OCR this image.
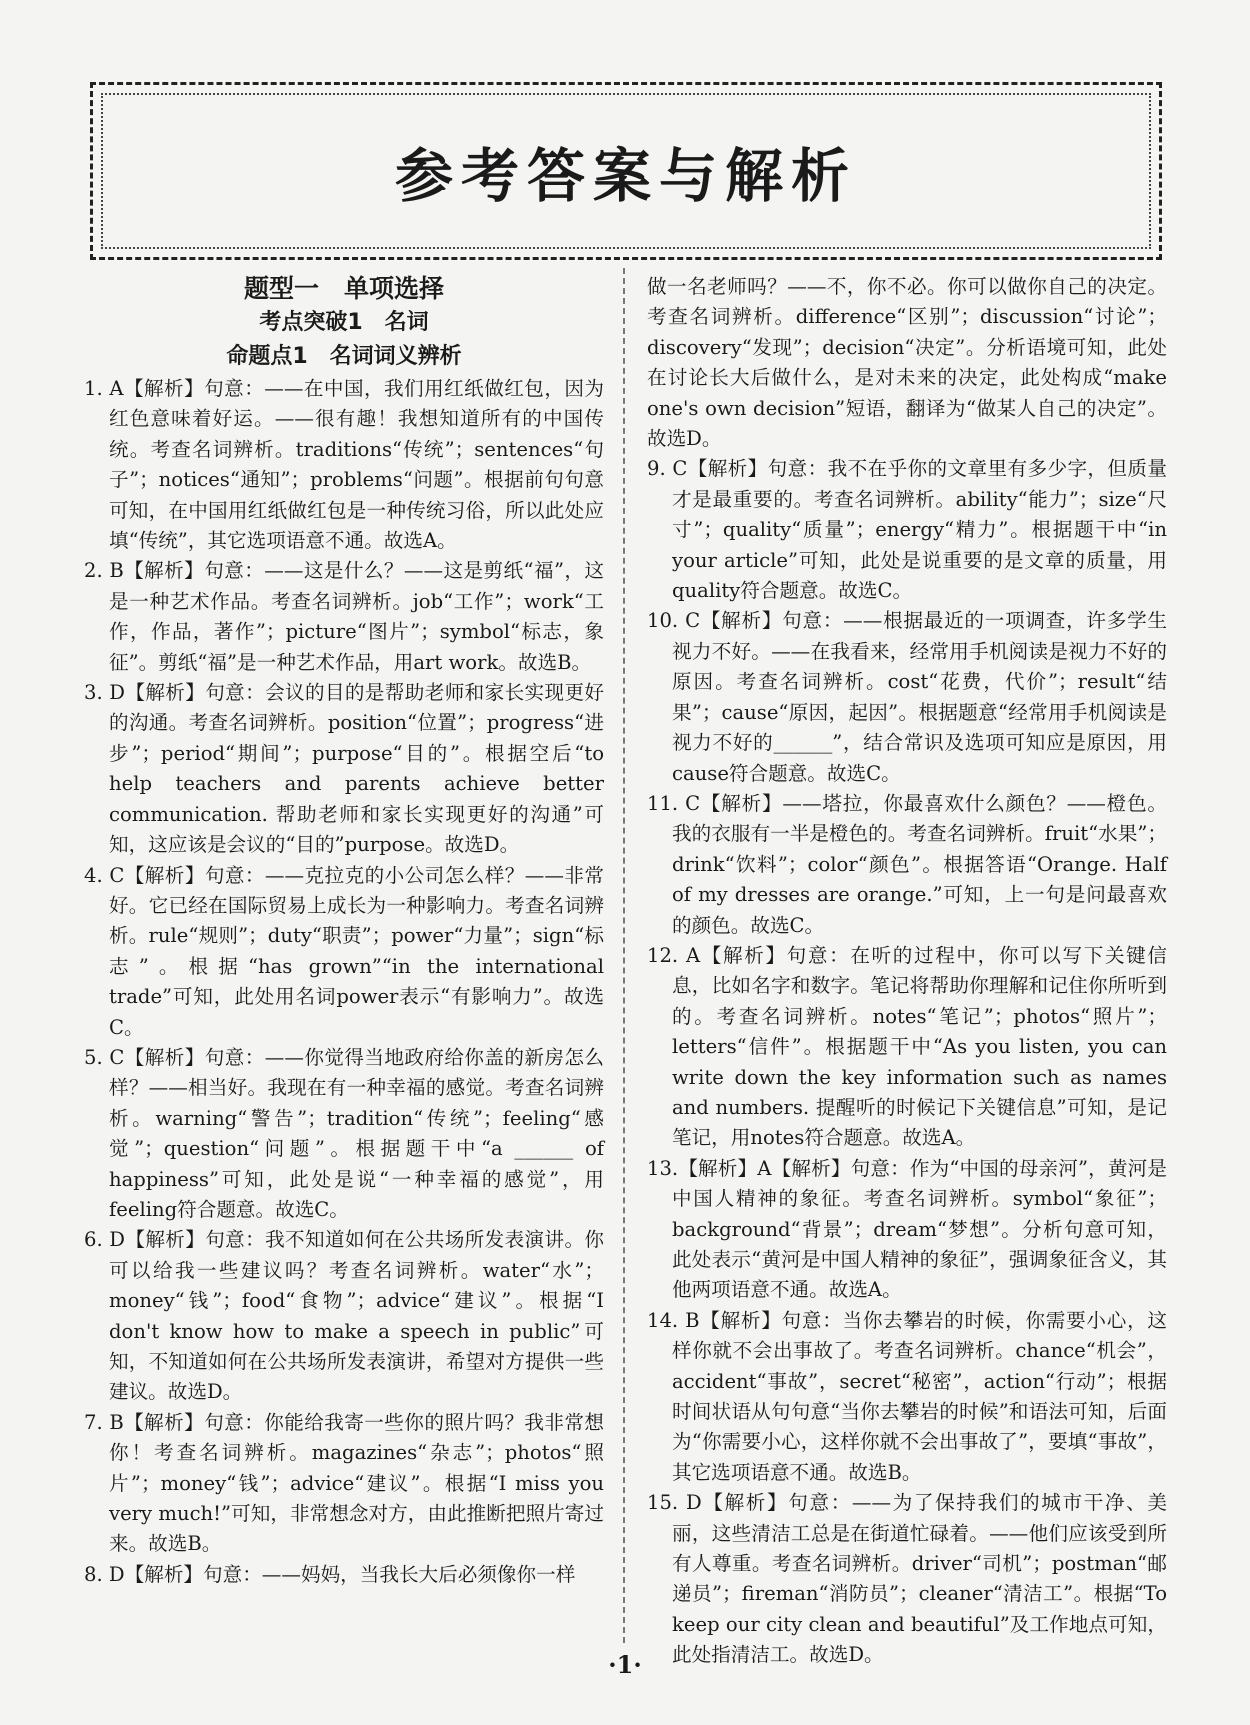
参考答案与解析
题型一　单项选择
考点突破1　名词
命题点1　名词词义辨析

1. A【解析】句意：——在中国，我们用红纸做红包，因为红色意味着好运。——很有趣！我想知道所有的中国传统。考查名词辨析。traditions“传统”；sentences“句子”；notices“通知”；problems“问题”。根据前句句意可知，在中国用红纸做红包是一种传统习俗，所以此处应填“传统”，其它选项语意不通。故选A。

2. B【解析】句意：——这是什么？——这是剪纸“福”，这是一种艺术作品。考查名词辨析。job“工作”；work“工作，作品，著作”；picture“图片”；symbol“标志，象征”。剪纸“福”是一种艺术作品，用art work。故选B。

3. D【解析】句意：会议的目的是帮助老师和家长实现更好的沟通。考查名词辨析。position“位置”；progress“进步”；period“期间”；purpose“目的”。根据空后“to help teachers and parents achieve better communication. 帮助老师和家长实现更好的沟通”可知，这应该是会议的“目的”purpose。故选D。

4. C【解析】句意：——克拉克的小公司怎么样？——非常好。它已经在国际贸易上成长为一种影响力。考查名词辨析。rule“规则”；duty“职责”；power“力量”；sign“标志”。根据“has grown”“in the international trade”可知，此处用名词power表示“有影响力”。故选C。

5. C【解析】句意：——你觉得当地政府给你盖的新房怎么样？——相当好。我现在有一种幸福的感觉。考查名词辨析。warning“警告”；tradition“传统”；feeling“感觉”；question“问题”。根据题干中“a ______ of happiness”可知，此处是说“一种幸福的感觉”，用feeling符合题意。故选C。

6. D【解析】句意：我不知道如何在公共场所发表演讲。你可以给我一些建议吗？考查名词辨析。water“水”；money“钱”；food“食物”；advice“建议”。根据“I don't know how to make a speech in public”可知，不知道如何在公共场所发表演讲，希望对方提供一些建议。故选D。

7. B【解析】句意：你能给我寄一些你的照片吗？我非常想你！考查名词辨析。magazines“杂志”；photos“照片”；money“钱”；advice“建议”。根据“I miss you very much!”可知，非常想念对方，由此推断把照片寄过来。故选B。

8. D【解析】句意：——妈妈，当我长大后必须像你一样

做一名老师吗？——不，你不必。你可以做你自己的决定。考查名词辨析。difference“区别”；discussion“讨论”；discovery“发现”；decision“决定”。分析语境可知，此处在讨论长大后做什么，是对未来的决定，此处构成“make one's own decision”短语，翻译为“做某人自己的决定”。故选D。

9. C【解析】句意：我不在乎你的文章里有多少字，但质量才是最重要的。考查名词辨析。ability“能力”；size“尺寸”；quality“质量”；energy“精力”。根据题干中“in your article”可知，此处是说重要的是文章的质量，用quality符合题意。故选C。

10. C【解析】句意：——根据最近的一项调查，许多学生视力不好。——在我看来，经常用手机阅读是视力不好的原因。考查名词辨析。cost“花费，代价”；result“结果”；cause“原因，起因”。根据题意“经常用手机阅读是视力不好的______”，结合常识及选项可知应是原因，用cause符合题意。故选C。

11. C【解析】——塔拉，你最喜欢什么颜色？——橙色。我的衣服有一半是橙色的。考查名词辨析。fruit“水果”；drink“饮料”；color“颜色”。根据答语“Orange. Half of my dresses are orange.”可知，上一句是问最喜欢的颜色。故选C。

12. A【解析】句意：在听的过程中，你可以写下关键信息，比如名字和数字。笔记将帮助你理解和记住你所听到的。考查名词辨析。notes“笔记”；photos“照片”；letters“信件”。根据题干中“As you listen, you can write down the key information such as names and numbers. 提醒听的时候记下关键信息”可知，是记笔记，用notes符合题意。故选A。

13.【解析】A【解析】句意：作为“中国的母亲河”，黄河是中国人精神的象征。考查名词辨析。symbol“象征”；background“背景”；dream“梦想”。分析句意可知，此处表示“黄河是中国人精神的象征”，强调象征含义，其他两项语意不通。故选A。

14. B【解析】句意：当你去攀岩的时候，你需要小心，这样你就不会出事故了。考查名词辨析。chance“机会”，accident“事故”，secret“秘密”，action“行动”；根据时间状语从句句意“当你去攀岩的时候”和语法可知，后面为“你需要小心，这样你就不会出事故了”，要填“事故”，其它选项语意不通。故选B。

15. D【解析】句意：——为了保持我们的城市干净、美丽，这些清洁工总是在街道忙碌着。——他们应该受到所有人尊重。考查名词辨析。driver“司机”；postman“邮递员”；fireman“消防员”；cleaner“清洁工”。根据“To keep our city clean and beautiful”及工作地点可知，此处指清洁工。故选D。

·1·
